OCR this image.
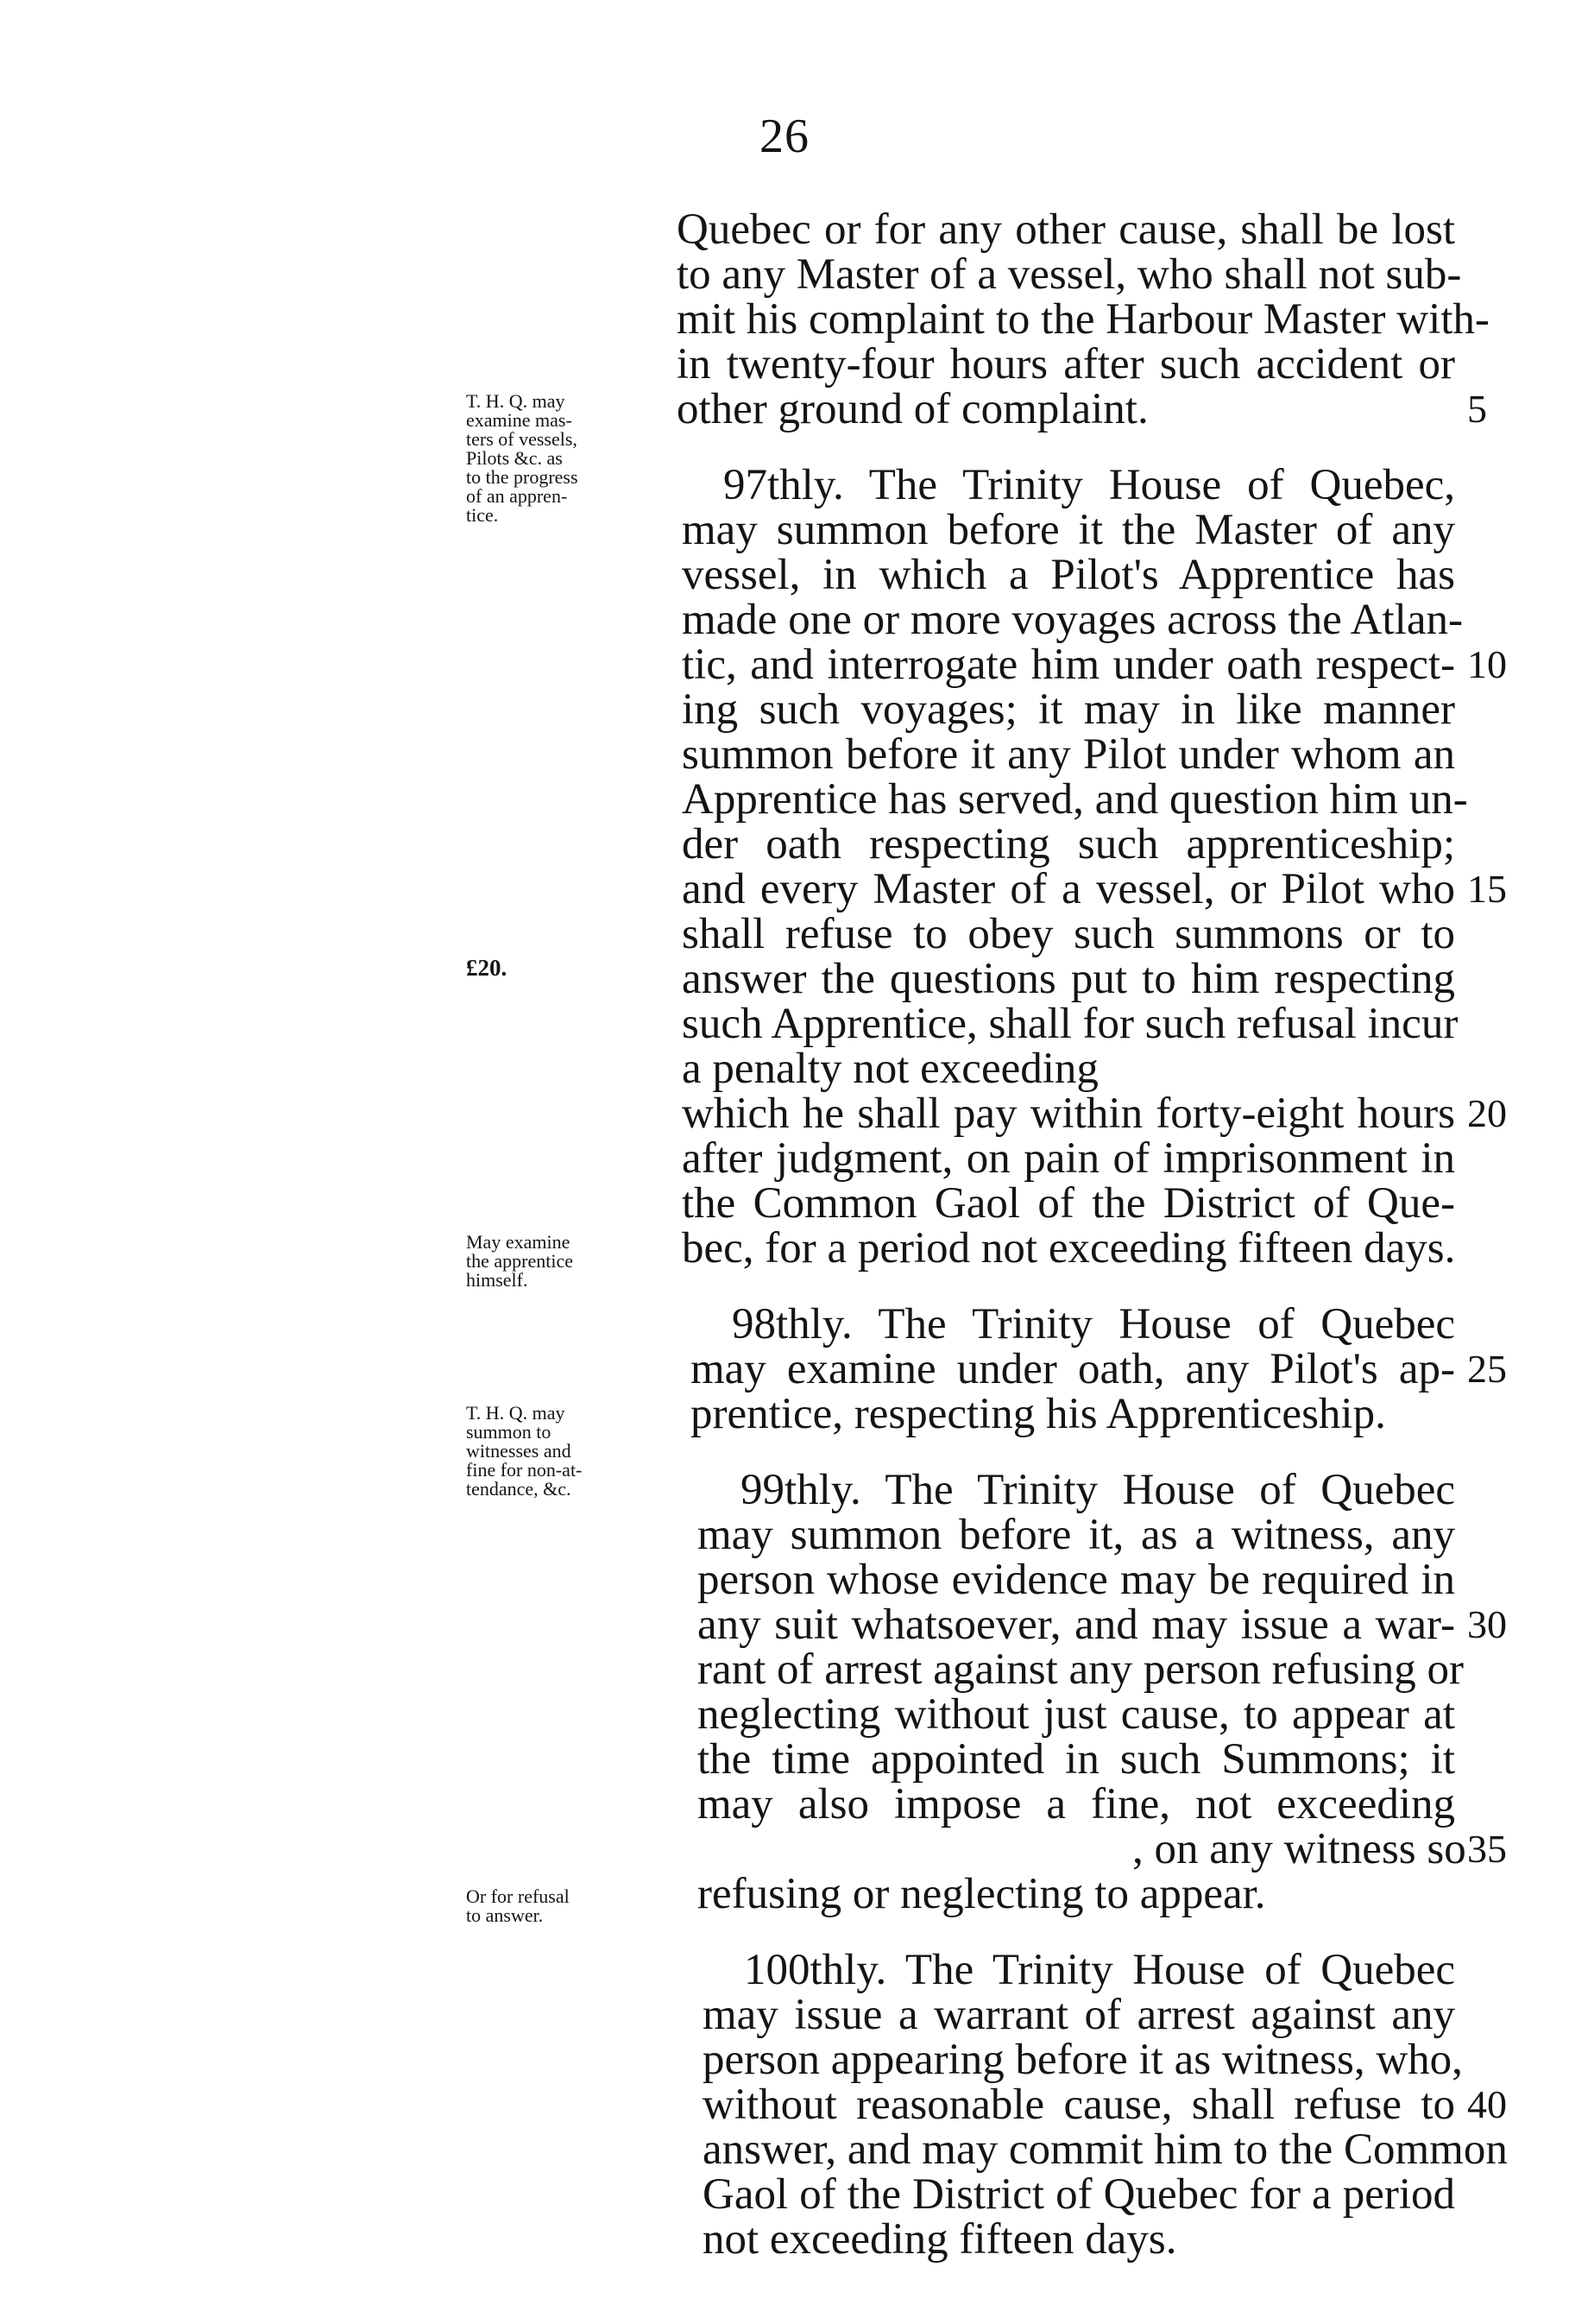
26
Quebec or for any other cause, shall be lost
to any Master of a vessel, who shall not sub-
mit his complaint to the Harbour Master with-
in twenty-four hours after such accident or
other ground of complaint.
97thly. The Trinity House of Quebec,
may summon before it the Master of any
vessel, in which a Pilot's Apprentice has
made one or more voyages across the Atlan-
tic, and interrogate him under oath respect-
ing such voyages; it may in like manner
summon before it any Pilot under whom an
Apprentice has served, and question him un-
der oath respecting such apprenticeship;
and every Master of a vessel, or Pilot who
shall refuse to obey such summons or to
answer the questions put to him respecting
such Apprentice, shall for such refusal incur
a penalty not exceeding
which he shall pay within forty-eight hours
after judgment, on pain of imprisonment in
the Common Gaol of the District of Que-
bec, for a period not exceeding fifteen days.
98thly. The Trinity House of Quebec
may examine under oath, any Pilot's ap-
prentice, respecting his Apprenticeship.
99thly. The Trinity House of Quebec
may summon before it, as a witness, any
person whose evidence may be required in
any suit whatsoever, and may issue a war-
rant of arrest against any person refusing or
neglecting without just cause, to appear at
the time appointed in such Summons; it
may also impose a fine, not exceeding
, on any witness so
refusing or neglecting to appear.
100thly. The Trinity House of Quebec
may issue a warrant of arrest against any
person appearing before it as witness, who,
without reasonable cause, shall refuse to
answer, and may commit him to the Common
Gaol of the District of Quebec for a period
not exceeding fifteen days.
T. H. Q. may
examine mas-
ters of vessels,
Pilots &c. as
to the progress
of an appren-
tice.
£20.
May examine
the apprentice
himself.
T. H. Q. may
summon to
witnesses and
fine for non-at-
tendance, &c.
Or for refusal
to answer.
5
10
15
20
25
30
35
40
